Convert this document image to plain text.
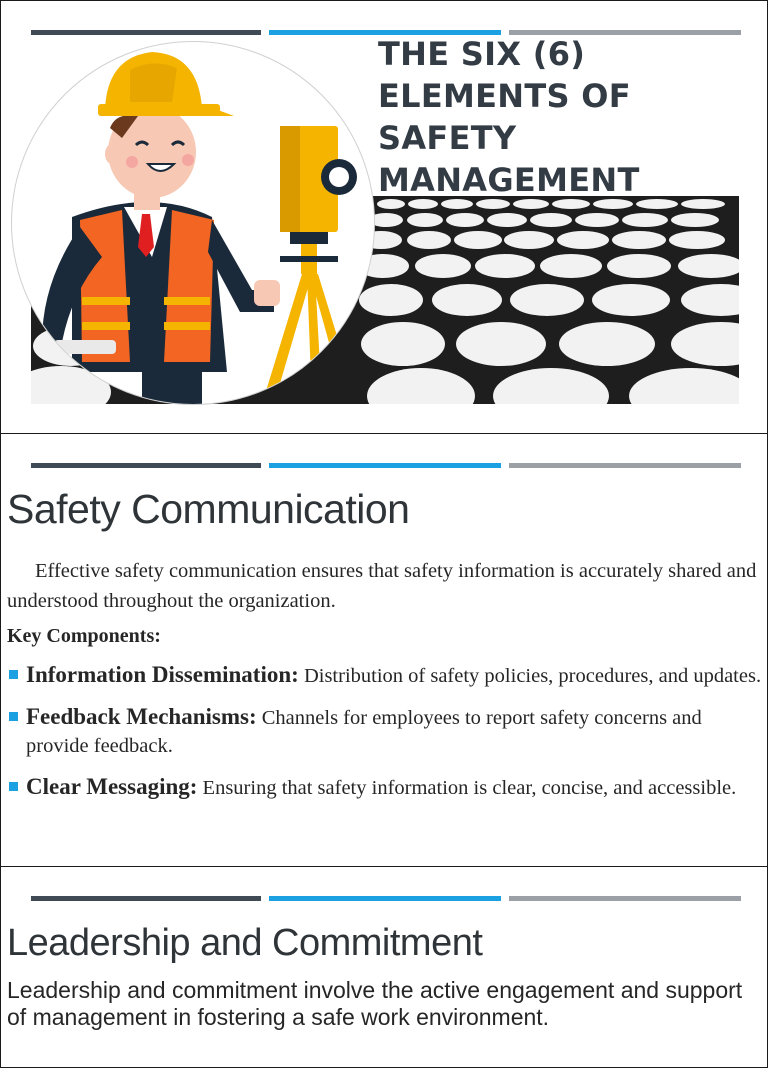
THE SIX (6)
ELEMENTS OF
SAFETY
MANAGEMENT
Safety Communication
Effective safety communication ensures that safety information is accurately shared and understood throughout the organization.
Key Components:
Information Dissemination: Distribution of safety policies, procedures, and updates.
Feedback Mechanisms: Channels for employees to report safety concerns and provide feedback.
Clear Messaging: Ensuring that safety information is clear, concise, and accessible.
Leadership and Commitment
Leadership and commitment involve the active engagement and support of management in fostering a safe work environment.
